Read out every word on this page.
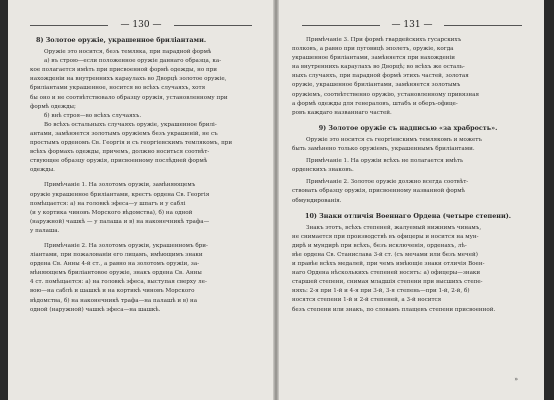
— 130 —
8) Золотое оружіе, украшенное бриліантами.
Оружіе это носится, безъ темляка, при парадной формѣ
а) въ строю—если положенное оружіе даннаго образца, ка-
кое полагается имѣть при присвоенной формѣ одежды, но при
нахожденіи на внутреннихъ караулахъ во Дворцѣ золотое оружіе,
бриліантами украшенное, носится во всѣхъ случаяхъ, хотя
бы оно и не соотвѣтствовало образцу оружія, установленному при
формѣ одежды;
б) внѣ строя—во всѣхъ случаяхъ.
Во всѣхъ остальныхъ случаяхъ оружіе, украшенное брилі-
антами, замѣняется золотымъ оружіемъ безъ украшеній, не съ
простымъ орденомъ Св. Георгія и съ георгіевскимъ темлякомъ, при
всѣхъ формахъ одежды, причемъ, должно носиться соотвѣт-
ствующее образцу оружія, присвоенному послѣдней формѣ
одежды.
Примѣчаніе 1. На золотомъ оружіи, замѣняющемъ
оружіе украшенное бриліантами, крестъ ордена Св. Георгія
помѣщается: а) на головкѣ эфеса—у шпагъ и у саблі
(и у кортика чиновъ Морского вѣдомства), б) на одной
(наружной) чашкѣ — у палаша и в) на наконечникѣ трафа—
у палаша.
Примѣчаніе 2. На золотомъ оружіи, украшенномъ бри-
ліантами, при пожалованіи его лицамъ, имѣющимъ знаки
ордена Св. Анны 4-й ст., а равно на золотомъ оружіи, за-
мѣняющемъ бриліантовое оружіе, знакъ ордена Св. Анны
4 ст. помѣщается: а) на головкѣ эфеса, выступая сверху ле-
вою—на саблѣ и шашкѣ и на кортикѣ чиновъ Морского
вѣдомства, б) на наконечникѣ трафа—на палашѣ и в) на
одной (наружной) чашкѣ эфеса—на шашкѣ.
— 131 —
Примѣчаніе 3. При формѣ гвардейскихъ гусарскихъ
полковъ, а равно при пуговицѣ эполетъ, оружіе, когда
украшенное бриліантами, замѣняется при нахожденіи
на внутреннихъ караулахъ во Дворцѣ; во всѣхъ же осталь-
ныхъ случаяхъ, при парадной формѣ этихъ частей, золотая
оружіе, украшенное бриліантами, замѣняется золотымъ
оружіемъ, соотвѣтственно оружію, установленному привязная
а формѣ одежды для генераловъ, штабъ и оберъ-офице-
ровъ каждаго названнаго частей.
9) Золотое оружіе съ надписью «за храбрость».
Оружіе это носится съ георгіевскимъ темлякомъ и можетъ
быть замѣнено только оружіемъ, украшеннымъ бриліантами.
Примѣчаніе 1. На оружіи всѣхъ не полагается имѣть
орденскихъ знаковъ.
Примѣчаніе 2. Золотое оружіе должно всегда соотвѣт-
ствовать образцу оружія, присвоенному названной формѣ
обмундированія.
10) Знаки отличія Военнаго Ордена (четыре степени).
Знакъ этотъ, всѣхъ степеней, жалуемый нижнимъ чинамъ,
не снимается при производствѣ въ офицеры и носится на мун-
дирѣ и мундирѣ при всѣхъ, безъ исключенія, орденахъ, лѣ-
вѣе ордена Св. Станислава 3-й ст. (съ мечами или безъ мечей)
и правѣе всѣхъ медалей, при чемъ имѣющіе знаки отличія Воен-
наго Ордена нѣсколькихъ степеней носятъ: а) офицеры—знаки
старшей степени, снимая младшія степени при высшихъ степе-
няхъ: 2-я при 1-й и 4-я при 3-й, 3-я степень—при 1-й, 2-й, б)
носятся степени 1-й и 2-й степеней, а 3-й носится
безъ степени или знакъ, по словамъ плащевъ степени присвоенной.
»
